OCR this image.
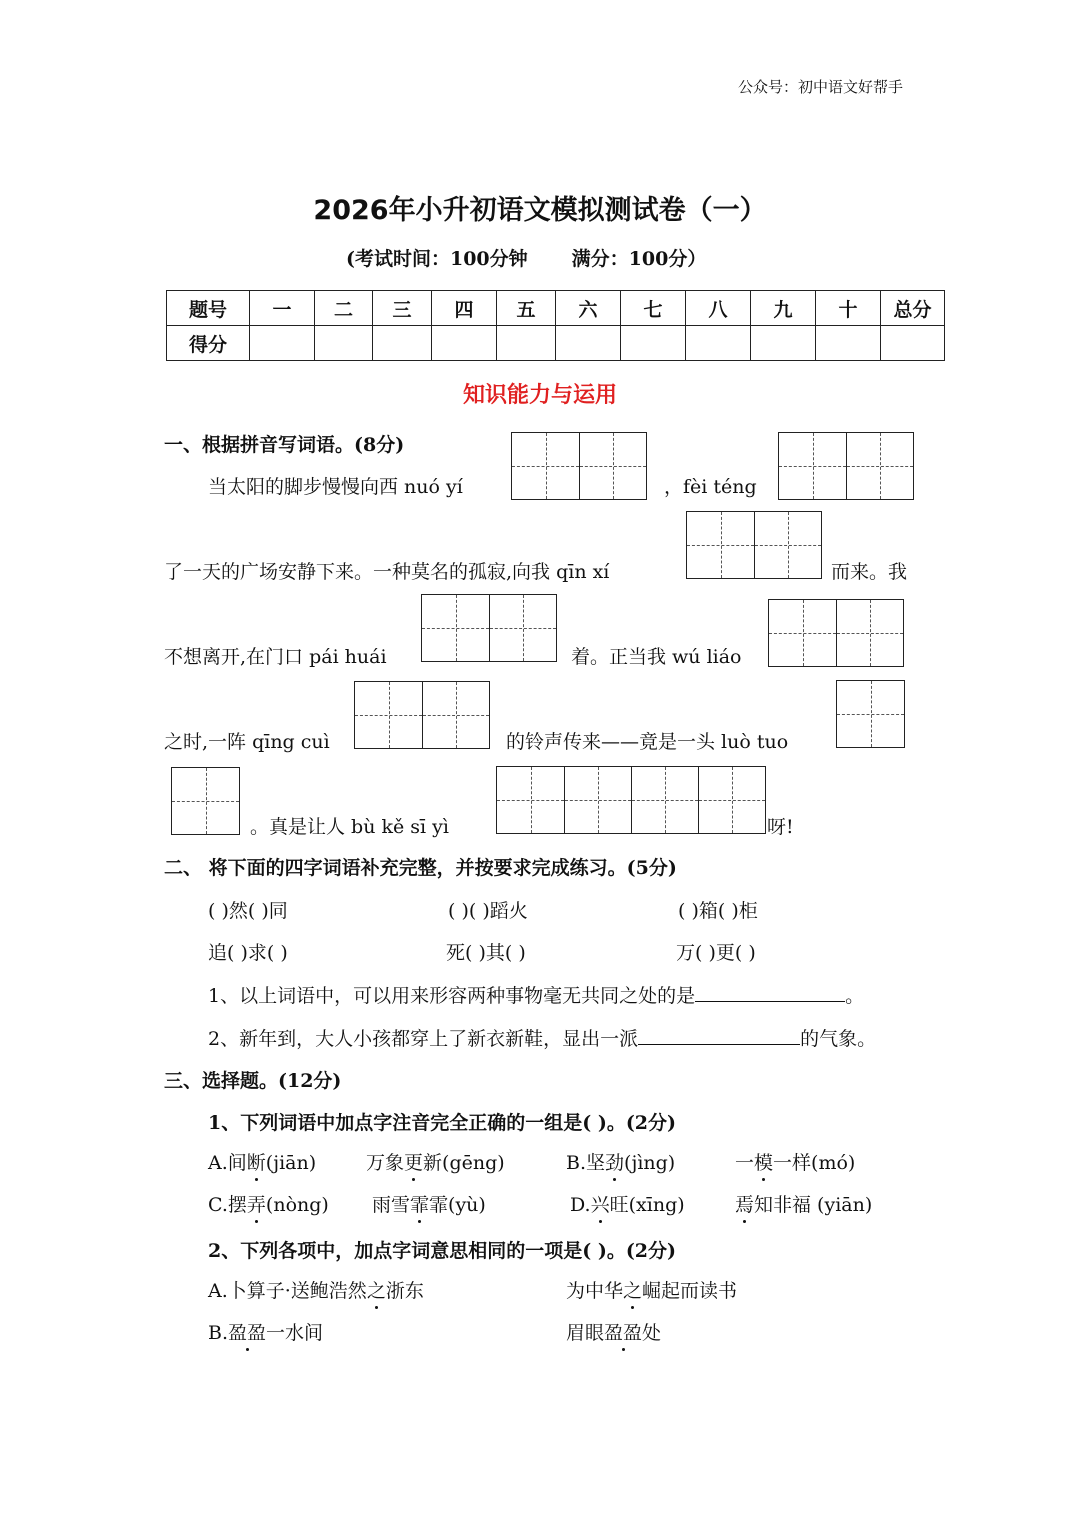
公众号：初中语文好帮手
2026年小升初语文模拟测试卷（一）
(考试时间：100分钟 满分：100分）
题号	一	二	三	四	五	六	七	八	九	十	总分
得分											
知识能力与运用
一、根据拼音写词语。(8分)
当太阳的脚步慢慢向西 nuó yí	，fèi téng
了一天的广场安静下来。一种莫名的孤寂,向我 qīn xí	而来。我
不想离开,在门口 pái huái	着。正当我 wú liáo
之时,一阵 qīng cuì	的铃声传来——竟是一头 luò tuo
。真是让人 bù kě sī yì	呀!
二、 将下面的四字词语补充完整，并按要求完成练习。(5分)
( )然( )同	( )( )蹈火	( )箱( )柜
追( )求( )	死( )其( )	万( )更( )
1、以上词语中，可以用来形容两种事物毫无共同之处的是	。
2、新年到，大人小孩都穿上了新衣新鞋，显出一派	的气象。
三、选择题。(12分)
1、下列词语中加点字注音完全正确的一组是( )。(2分)
A.间断(jiān)	万象更新(gēng)	B.坚劲(jìng)	一模一样(mó)
C.摆弄(nòng) 雨雪霏霏(yù)	D.兴旺(xīng)	焉知非福 (yiān)
2、下列各项中，加点字词意思相同的一项是( )。(2分)
A.卜算子·送鲍浩然之浙东	为中华之崛起而读书
B.盈盈一水间	眉眼盈盈处
